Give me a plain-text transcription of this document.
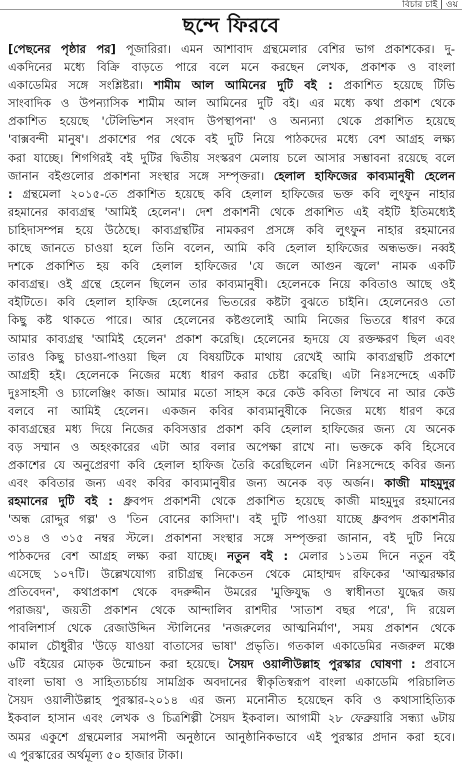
বিচার চাই | ওয়
ছন্দে ফিরবে
[পেছনের পৃষ্ঠার পর] পূজারিরা। এমন আশাবাদ গ্রন্থমেলার বেশির ভাগ প্রকাশকের। দু-
একদিনের মধ্যে বিক্রি বাড়তে পারে বলে মনে করছেন লেখক, প্রকাশক ও বাংলা
একাডেমির সঙ্গে সংশ্লিষ্টরা। শামীম আল আমিনের দুটি বই : প্রকাশিত হয়েছে টিভি
সাংবাদিক ও উপন্যাসিক শামীম আল আমিনের দুটি বই। এর মধ্যে কথা প্রকাশ থেকে
প্রকাশিত হয়েছে 'টেলিভিশন সংবাদ উপস্থাপনা' ও অন্যন্যা থেকে প্রকাশিত হয়েছে
'বাক্সবন্দী মানুষ'। প্রকাশের পর থেকে বই দুটি নিয়ে পাঠকদের মধ্যে বেশ আগ্রহ লক্ষ্য
করা যাচ্ছে। শিগগিরই বই দুটির দ্বিতীয় সংস্করণ মেলায় চলে আসার সম্ভাবনা রয়েছে বলে
জানান বইগুলোর প্রকাশনা সংস্থার সঙ্গে সম্পৃক্তরা। হেলাল হাফিজের কাব্যমানুষী হেলেন
: গ্রন্থমেলা ২০১৫-তে প্রকাশিত হয়েছে কবি হেলাল হাফিজের ভক্ত কবি লুৎফুন নাহার
রহমানের কাব্যগ্রন্থ 'আমিই হেলেন'। দেশ প্রকাশনী থেকে প্রকাশিত এই বইটি ইতিমধ্যেই
চাহিদাসম্পন্ন হয়ে উঠেছে। কাব্যগ্রন্থটির নামকরণ প্রসঙ্গে কবি লুৎফুন নাহার রহমানের
কাছে জানতে চাওয়া হলে তিনি বলেন, আমি কবি হেলাল হাফিজের অন্ধভক্ত। নব্বই
দশকে প্রকাশিত হয় কবি হেলাল হাফিজের 'যে জলে আগুন জ্বলে' নামক একটি
কাব্যগ্রন্থ। ওই গ্রন্থে হেলেন ছিলেন তার কাব্যমানুষী। হেলেনকে নিয়ে কবিতাও আছে ওই
বইটিতে। কবি হেলাল হাফিজ হেলেনের ভিতরের কষ্টটা বুঝতে চাইনি। হেলেনেরও তো
কিছু কষ্ট থাকতে পারে। আর হেলেনের কষ্টগুলোই আমি নিজের ভিতরে ধারণ করে
আমার কাব্যগ্রন্থ 'আমিই হেলেন' প্রকাশ করেছি। হেলেনের হৃদয়ে যে রক্তক্ষরণ ছিল এবং
তারও কিছু চাওয়া-পাওয়া ছিল যে বিষয়টিকে মাথায় রেখেই আমি কাব্যগ্রন্থটি প্রকাশে
আগ্রহী হই। হেলেনকে নিজের মধ্যে ধারণ করার চেষ্টা করেছি। এটা নিঃসন্দেহে একটি
দুঃসাহসী ও চ্যালেঞ্জিং কাজ। আমার মতো সাহস করে কেউ কবিতা লিখবে না আর কেউ
বলবে না আমিই হেলেন। একজন কবির কাব্যমানুষীকে নিজের মধ্যে ধারণ করে
কাব্যগ্রন্থের মধ্য দিয়ে নিজের কবিসত্তার প্রকাশ কবি হেলাল হাফিজের জন্য যে অনেক
বড় সম্মান ও অহংকারের এটা আর বলার অপেক্ষা রাখে না। ভক্তকে কবি হিসেবে
প্রকাশের যে অনুপ্রেরণা কবি হেলাল হাফিজ তৈরি করেছিলেন এটা নিঃসন্দেহে কবির জন্য
এবং কবিতার জন্য এবং কবির কাব্যমানুষীর জন্য অনেক বড় অর্জন। কাজী মাহমুদুর
রহমানের দুটি বই : ধ্রুবপদ প্রকাশনী থেকে প্রকাশিত হয়েছে কাজী মাহমুদুর রহমানের
'অন্ধ রোদ্দুর গল্প' ও 'তিন বোনের কাসিদা'। বই দুটি পাওয়া যাচ্ছে ধ্রুবপদ প্রকাশনীর
৩১৪ ও ৩১৫ নম্বর স্টলে। প্রকাশনা সংস্থার সঙ্গে সম্পৃক্তরা জানান, বই দুটি নিয়ে
পাঠকদের বেশ আগ্রহ লক্ষ্য করা যাচ্ছে। নতুন বই : মেলার ১১তম দিনে নতুন বই
এসেছে ১০৭টি। উল্লেখযোগ্য রাচীগ্রন্থ নিকেতন থেকে মোহাম্মদ রফিকের 'আত্মরক্ষার
প্রতিবেদন', কথাপ্রকাশ থেকে বদরুদ্দীন উমরের 'মুক্তিযুদ্ধ ও স্বাধীনতা যুদ্ধের জয়
পরাজয়', জয়তী প্রকাশন থেকে আন্দালিব রাশদীর 'সাতাশ বছর পরে', দি রয়েল
পাবলিশার্স থেকে রেজাউদ্দিন স্টালিনের 'নজরুলের আত্মনির্মাণ', সময় প্রকাশন থেকে
কামাল চৌধুরীর 'উড়ে যাওয়া বাতাসের ভাষা' প্রভৃতি। গতকাল একাডেমির নজরুল মঞ্চে
৬টি বইয়ের মোড়ক উন্মোচন করা হয়েছে। সৈয়দ ওয়ালীউল্লাহ পুরস্কার ঘোষণা : প্রবাসে
বাংলা ভাষা ও সাহিত্যচর্চায় সামগ্রিক অবদানের স্বীকৃতিস্বরূপ বাংলা একাডেমি পরিচালিত
সৈয়দ ওয়ালীউল্লাহ পুরস্কার-২০১৪ এর জন্য মনোনীত হয়েছেন কবি ও কথাসাহিত্যিক
ইকবাল হাসান এবং লেখক ও চিত্রশিল্পী সৈয়দ ইকবাল। আগামী ২৮ ফেব্রুয়ারি সন্ধ্যা ৬টায়
অমর একুশে গ্রন্থমেলার সমাপনী অনুষ্ঠানে আনুষ্ঠানিকভাবে এই পুরস্কার প্রদান করা হবে।
এ পুরস্কারের অর্থমূল্য ৫০ হাজার টাকা।
